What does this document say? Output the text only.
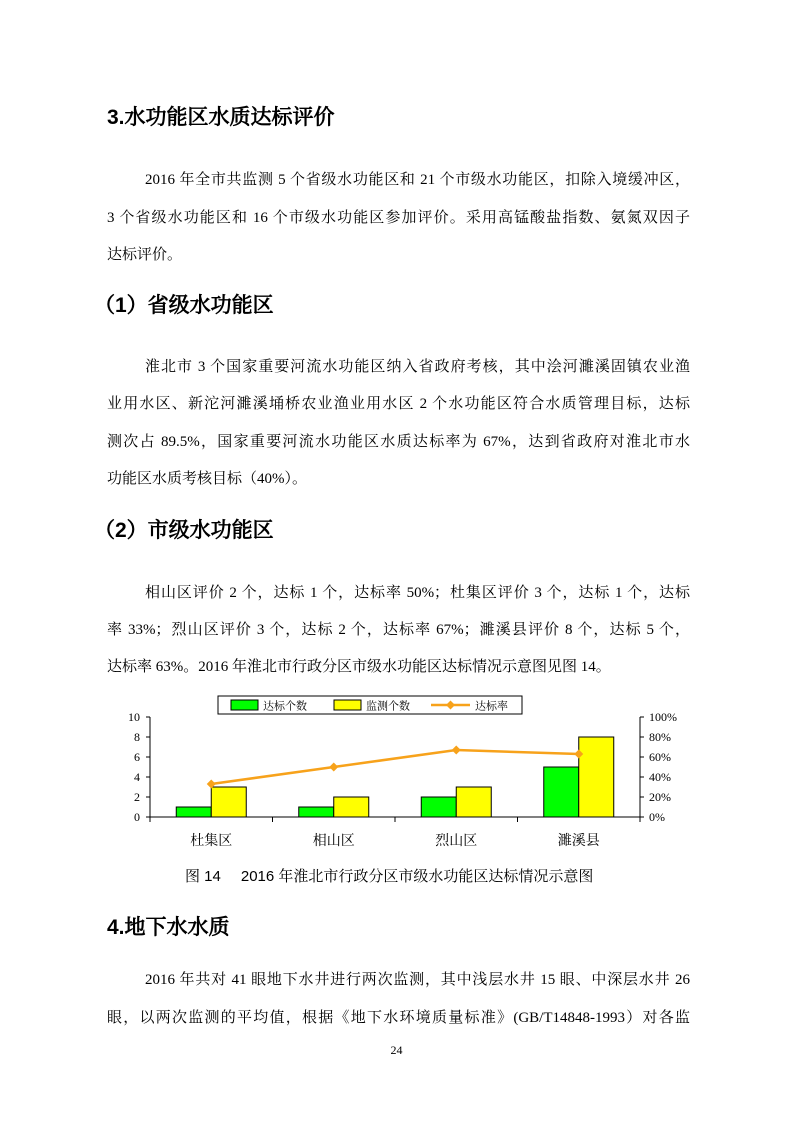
3.水功能区水质达标评价
2016 年全市共监测 5 个省级水功能区和 21 个市级水功能区，扣除入境缓冲区，
3 个省级水功能区和 16 个市级水功能区参加评价。采用高锰酸盐指数、氨氮双因子
达标评价。
（1）省级水功能区
淮北市 3 个国家重要河流水功能区纳入省政府考核，其中浍河濉溪固镇农业渔
业用水区、新沱河濉溪埇桥农业渔业用水区 2 个水功能区符合水质管理目标，达标
测次占 89.5%，国家重要河流水功能区水质达标率为 67%，达到省政府对淮北市水
功能区水质考核目标（40%）。
（2）市级水功能区
相山区评价 2 个，达标 1 个，达标率 50%；杜集区评价 3 个，达标 1 个，达标
率 33%；烈山区评价 3 个，达标 2 个，达标率 67%；濉溪县评价 8 个，达标 5 个，
达标率 63%。2016 年淮北市行政分区市级水功能区达标情况示意图见图 14。
0
2
4
6
8
10
0%
20%
40%
60%
80%
100%
杜集区	相山区	烈山区	濉溪县
达标个数	监测个数	达标率
图 14 2016 年淮北市行政分区市级水功能区达标情况示意图
4.地下水水质
2016 年共对 41 眼地下水井进行两次监测，其中浅层水井 15 眼、中深层水井 26
眼，以两次监测的平均值，根据《地下水环境质量标准》(GB/T14848-1993）对各监
24
